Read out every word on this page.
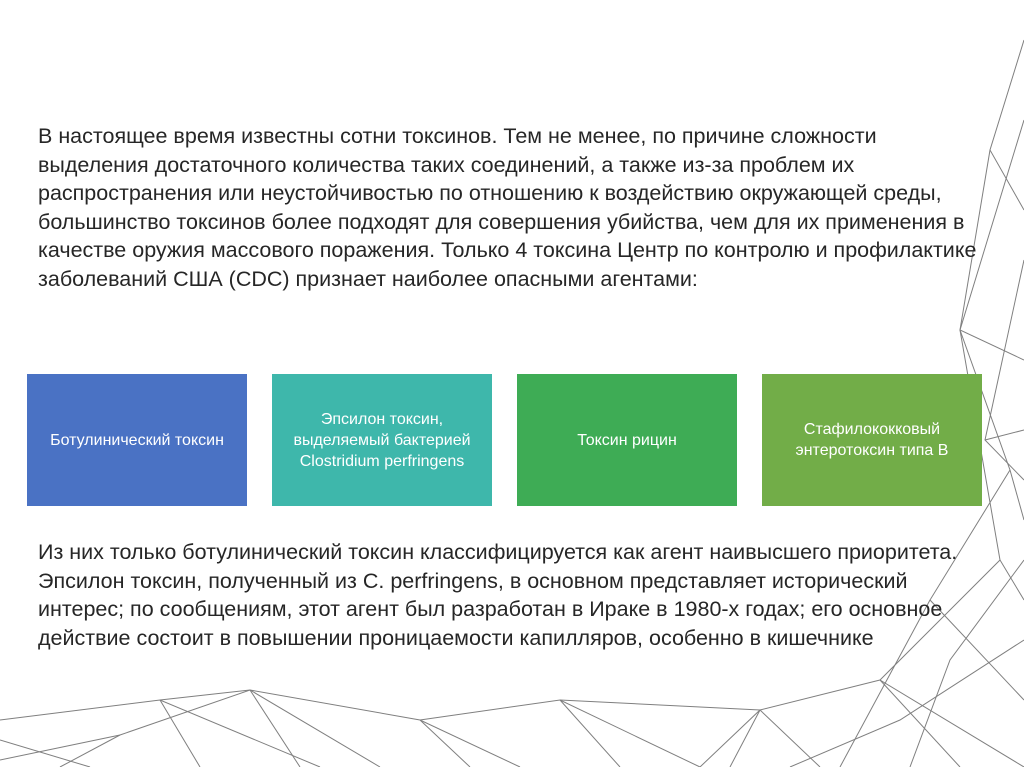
В настоящее время известны сотни токсинов. Тем не менее, по причине сложности выделения достаточного количества таких соединений, а также из-за проблем их распространения или неустойчивостью по отношению к воздействию окружающей среды, большинство токсинов более подходят для совершения убийства, чем для их применения в качестве оружия массового поражения. Только 4 токсина Центр по контролю и профилактике заболеваний США (CDC) признает наиболее опасными агентами:

Ботулинический токсин
Эпсилон токсин, выделяемый бактерией Clostridium perfringens
Токсин рицин
Стафилококковый энтеротоксин типа B

Из них только ботулинический токсин классифицируется как агент наивысшего приоритета. Эпсилон токсин, полученный из C. perfringens, в основном представляет исторический интерес; по сообщениям, этот агент был разработан в Ираке в 1980-х годах; его основное действие состоит в повышении проницаемости капилляров, особенно в кишечнике
